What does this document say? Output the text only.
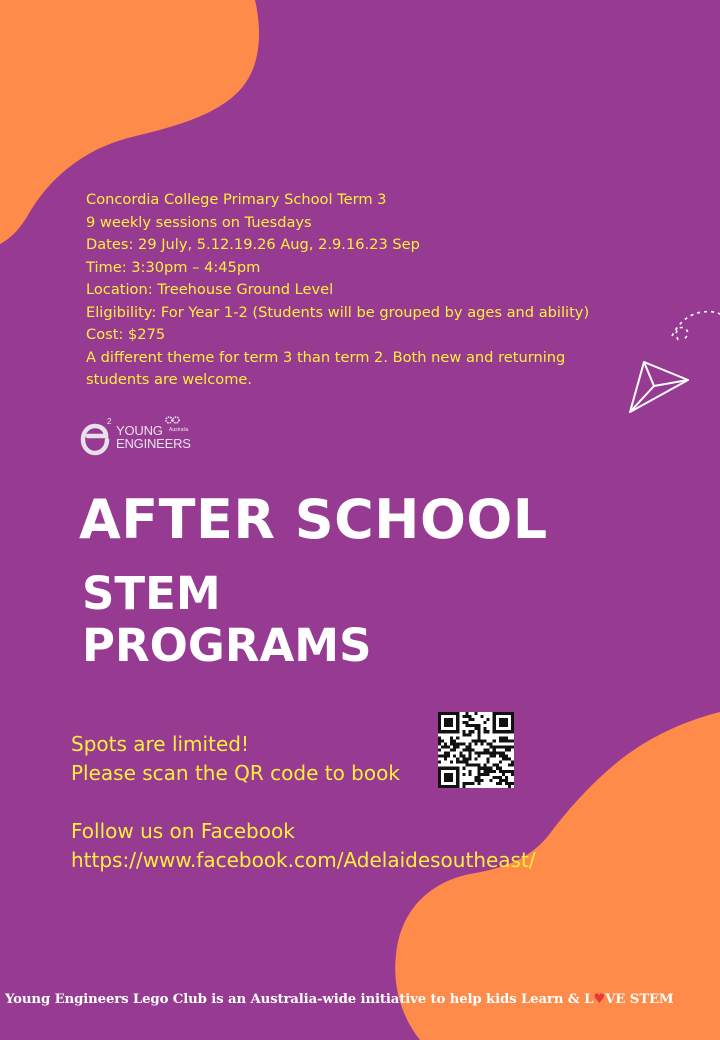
Concordia College Primary School Term 3
9 weekly sessions on Tuesdays
Dates: 29 July, 5.12.19.26 Aug, 2.9.16.23 Sep
Time: 3:30pm – 4:45pm
Location: Treehouse Ground Level
Eligibility: For Year 1-2 (Students will be grouped by ages and ability)
Cost: $275
A different theme for term 3 than term 2. Both new and returning students are welcome.
2
YOUNG
ENGINEERS
Australia
AFTER SCHOOL
STEM
PROGRAMS
Spots are limited!
Please scan the QR code to book
Follow us on Facebook
https://www.facebook.com/Adelaidesoutheast/
Young Engineers Lego Club is an Australia-wide initiative to help kids Learn & L♥VE STEM
